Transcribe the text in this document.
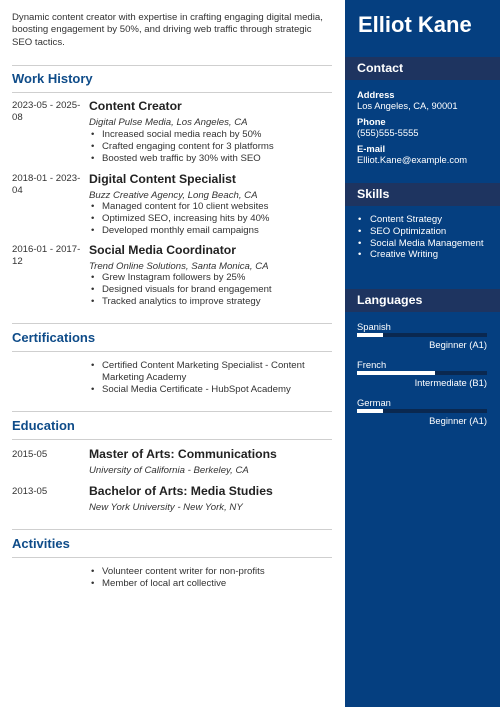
Dynamic content creator with expertise in crafting engaging digital media, boosting engagement by 50%, and driving web traffic through strategic SEO tactics.

Work History
2023-05 - 2025-08
Content Creator
Digital Pulse Media, Los Angeles, CA
• Increased social media reach by 50%
• Crafted engaging content for 3 platforms
• Boosted web traffic by 30% with SEO
2018-01 - 2023-04
Digital Content Specialist
Buzz Creative Agency, Long Beach, CA
• Managed content for 10 client websites
• Optimized SEO, increasing hits by 40%
• Developed monthly email campaigns
2016-01 - 2017-12
Social Media Coordinator
Trend Online Solutions, Santa Monica, CA
• Grew Instagram followers by 25%
• Designed visuals for brand engagement
• Tracked analytics to improve strategy
Certifications
• Certified Content Marketing Specialist - Content Marketing Academy
• Social Media Certificate - HubSpot Academy
Education
2015-05	Master of Arts: Communications
University of California - Berkeley, CA
2013-05	Bachelor of Arts: Media Studies
New York University - New York, NY
Activities
• Volunteer content writer for non-profits
• Member of local art collective
Elliot Kane
Contact
Address
Los Angeles, CA, 90001
Phone
(555)555-5555
E-mail
Elliot.Kane@example.com
Skills
• Content Strategy
• SEO Optimization
• Social Media Management
• Creative Writing
Languages
Spanish
Beginner (A1)
French
Intermediate (B1)
German
Beginner (A1)
